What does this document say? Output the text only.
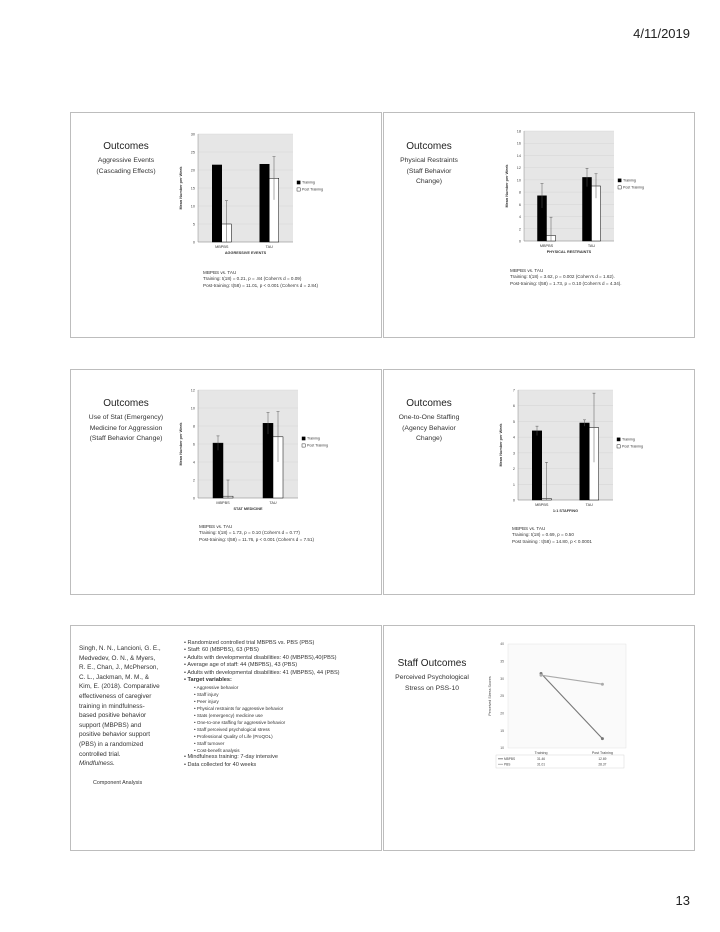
4/11/2019
Outcomes
Aggressive Events
(Cascading Effects)
0
5
10
15
20
25
30
Mean Number per Week
MBPBS	TAU
AGGRESSIVE EVENTS
Training
Post Training
MBPBS vs. TAU
Training: t(18) = 0.21, p = .84 (Cohen's d = 0.09)
Post-training: t(58) = 11.01, p < 0.001 (Cohen's d = 2.84)
Outcomes
Physical Restraints
(Staff Behavior
Change)
0
2
4
6
8
10
12
14
16
18
Mean Number per Week
MBPBS	TAU
PHYSICAL RESTRAINTS
Training
Post Training
MBPBS vs. TAU
Training: t(18) = 3.62, p = 0.002 (Cohen's d = 1.62).
Post-training: t(58) = 1.73, p = 0.10 (Cohen's d = 4.34).
Outcomes
Use of Stat (Emergency)
Medicine for Aggression
(Staff Behavior Change)
0
2
4
6
8
10
12
Mean Number per Week
MBPBS	TAU
STAT MEDICINE
Training
Post Training
MBPBS vs. TAU
Training: t(18) = 1.73, p = 0.10 (Cohen's d = 0.77)
Post-training: t(58) = 11.76, p < 0.001 (Cohen's d = 7.51)
Outcomes
One-to-One Staffing
(Agency Behavior
Change)
0
1
2
3
4
5
6
7
Mean Number per Week
MBPBS	TAU
1:1 STAFFING
Training
Post Training
MBPBS vs. TAU
Training: t(18) = 0.69, p = 0.50
Post training : t(58) = 14.80, p < 0.0001
Singh, N. N., Lancioni, G. E.,
Medvedev, O. N., & Myers,
R. E., Chan, J., McPherson,
C. L., Jackman, M. M., &
Kim, E. (2018). Comparative
effectiveness of caregiver
training in mindfulness-
based positive behavior
support (MBPBS) and
positive behavior support
(PBS) in a randomized
controlled trial.
Mindfulness.
Component Analysis
• Randomized controlled trial MBPBS vs. PBS (PBS)
• Staff: 60 (MBPBS), 63 (PBS)
• Adults with developmental disabilities: 40 (MBPBS),40(PBS)
• Average age of staff: 44 (MBPBS), 43 (PBS)
• Adults with developmental disabilities: 41 (MBPBS), 44 (PBS)
• Target variables:
• Aggressive behavior
• Staff injury
• Peer injury
• Physical restraints for aggressive behavior
• Stats (emergency) medicine use
• One-to-one staffing for aggressive behavior
• Staff perceived psychological stress
• Professional Quality of Life (ProQOL)
• Staff turnover
• Cost-benefit analysis
• Mindfulness training: 7-day intensive
• Data collected for 40 weeks
Staff Outcomes
Perceived Psychological
Stress on PSS-10
10
15
20
25
30
35
40
Perceived Stress Scores
Training	Post Training
MBPBS	31.46	12.69
PBS	31.01	28.37
13
